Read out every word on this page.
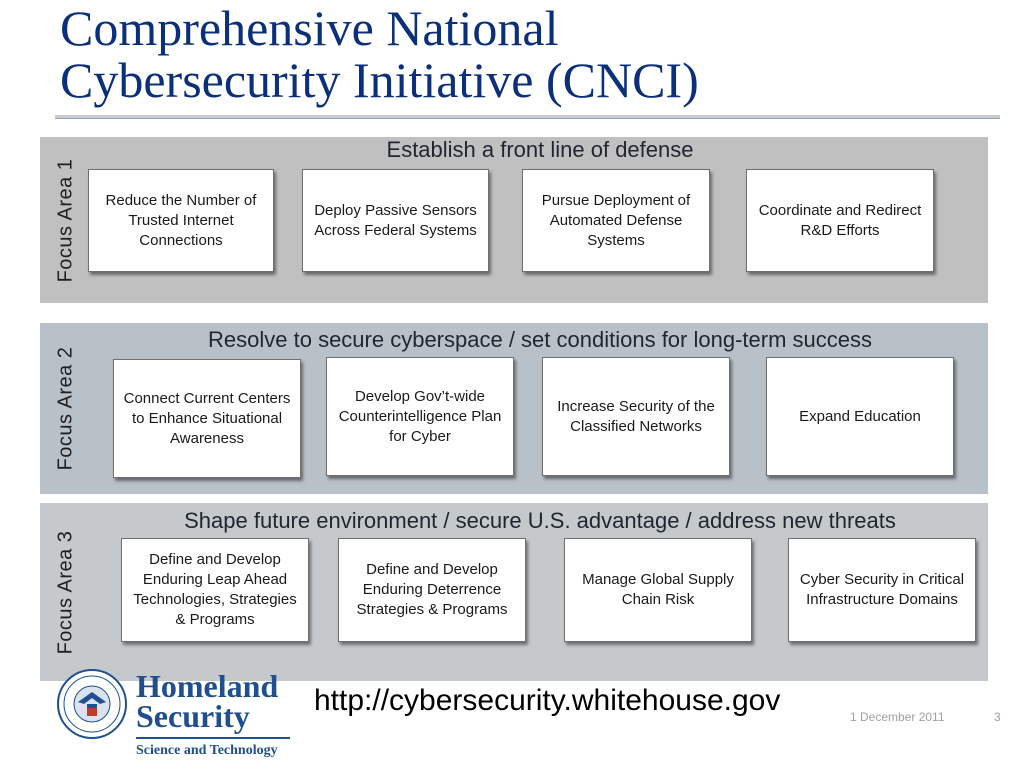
Comprehensive National
Cybersecurity Initiative (CNCI)
Focus Area 1
Establish a front line of defense
Reduce the Number of Trusted Internet Connections
Deploy Passive Sensors Across Federal Systems
Pursue Deployment of Automated Defense Systems
Coordinate and Redirect R&D Efforts
Focus Area 2
Resolve to secure cyberspace / set conditions for long-term success
Connect Current Centers to Enhance Situational Awareness
Develop Gov’t-wide Counterintelligence Plan for Cyber
Increase Security of the Classified Networks
Expand Education
Focus Area 3
Shape future environment / secure U.S. advantage / address new threats
Define and Develop Enduring Leap Ahead Technologies, Strategies & Programs
Define and Develop Enduring Deterrence Strategies & Programs
Manage Global Supply Chain Risk
Cyber Security in Critical Infrastructure Domains
Homeland
Security
Science and Technology
http://cybersecurity.whitehouse.gov	1 December 2011	3
